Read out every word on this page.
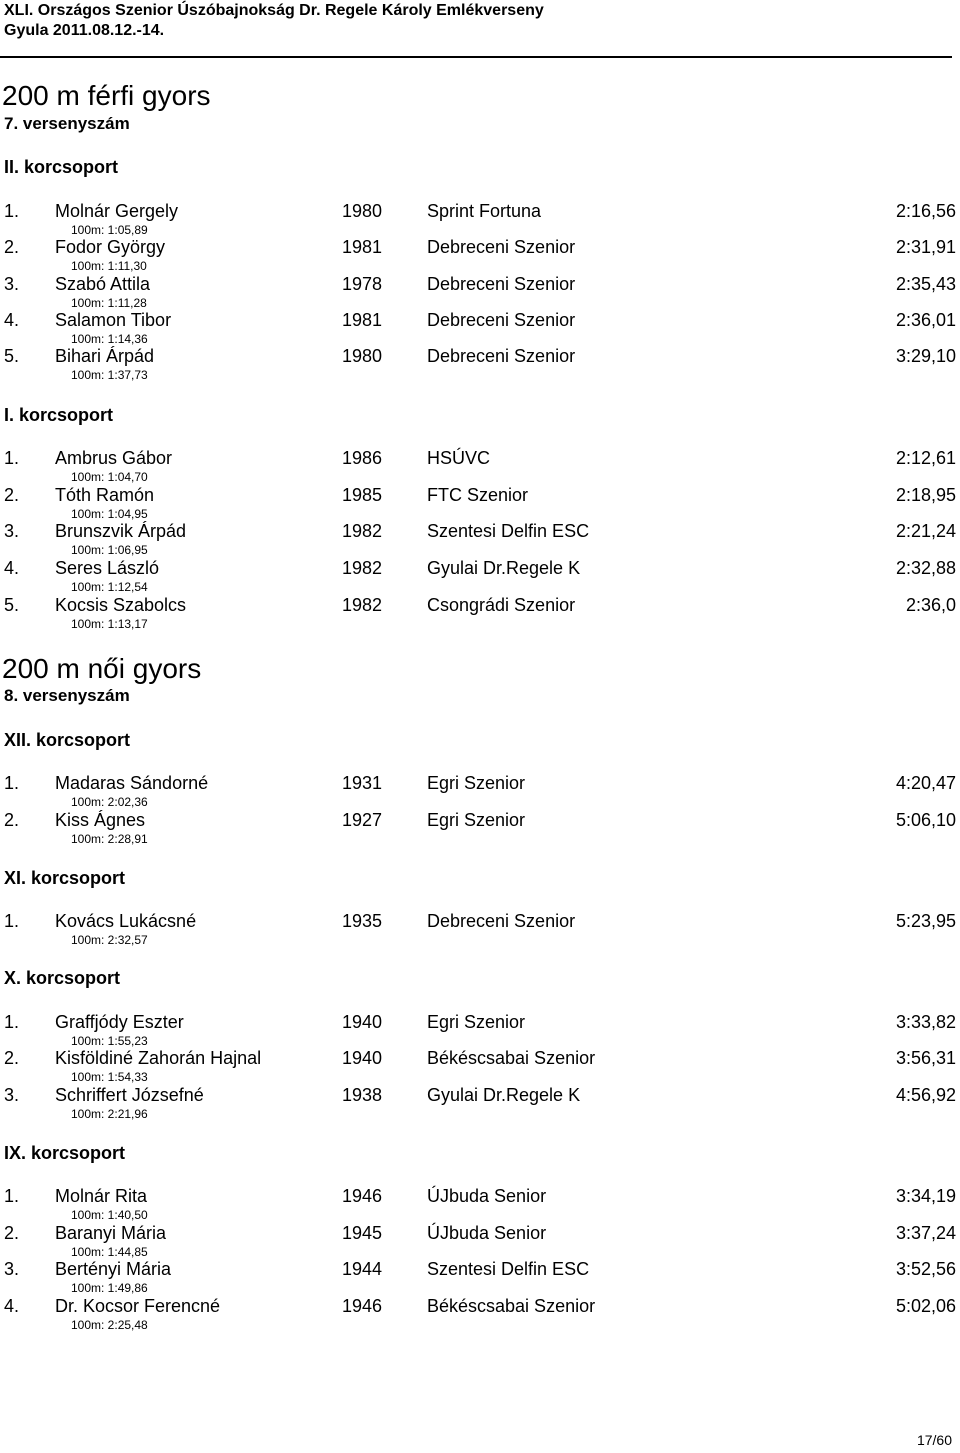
XLI. Országos Szenior Úszóbajnokság Dr. Regele Károly Emlékverseny
Gyula 2011.08.12.-14.
200 m férfi gyors
7. versenyszám
II. korcsoport
1. Molnár Gergely	1980 Sprint Fortuna	2:16,56
100m: 1:05,89
2. Fodor György	1981 Debreceni Szenior	2:31,91
100m: 1:11,30
3. Szabó Attila	1978 Debreceni Szenior	2:35,43
100m: 1:11,28
4. Salamon Tibor	1981 Debreceni Szenior	2:36,01
100m: 1:14,36
5. Bihari Árpád	1980 Debreceni Szenior	3:29,10
100m: 1:37,73
I. korcsoport
1. Ambrus Gábor	1986 HSÚVC	2:12,61
100m: 1:04,70
2. Tóth Ramón	1985 FTC Szenior	2:18,95
100m: 1:04,95
3. Brunszvik Árpád	1982 Szentesi Delfin ESC	2:21,24
100m: 1:06,95
4. Seres László	1982 Gyulai Dr.Regele K	2:32,88
100m: 1:12,54
5. Kocsis Szabolcs	1982 Csongrádi Szenior	2:36,0
100m: 1:13,17
200 m női gyors
8. versenyszám
XII. korcsoport
1. Madaras Sándorné	1931 Egri Szenior	4:20,47
100m: 2:02,36
2. Kiss Ágnes	1927 Egri Szenior	5:06,10
100m: 2:28,91
XI. korcsoport
1. Kovács Lukácsné	1935 Debreceni Szenior	5:23,95
100m: 2:32,57
X. korcsoport
1. Graffjódy Eszter	1940 Egri Szenior	3:33,82
100m: 1:55,23
2. Kisföldiné Zahorán Hajnal	1940 Békéscsabai Szenior	3:56,31
100m: 1:54,33
3. Schriffert Józsefné	1938 Gyulai Dr.Regele K	4:56,92
100m: 2:21,96
IX. korcsoport
1. Molnár Rita	1946 ÚJbuda Senior	3:34,19
100m: 1:40,50
2. Baranyi Mária	1945 ÚJbuda Senior	3:37,24
100m: 1:44,85
3. Bertényi Mária	1944 Szentesi Delfin ESC	3:52,56
100m: 1:49,86
4. Dr. Kocsor Ferencné	1946 Békéscsabai Szenior	5:02,06
100m: 2:25,48
17/60
